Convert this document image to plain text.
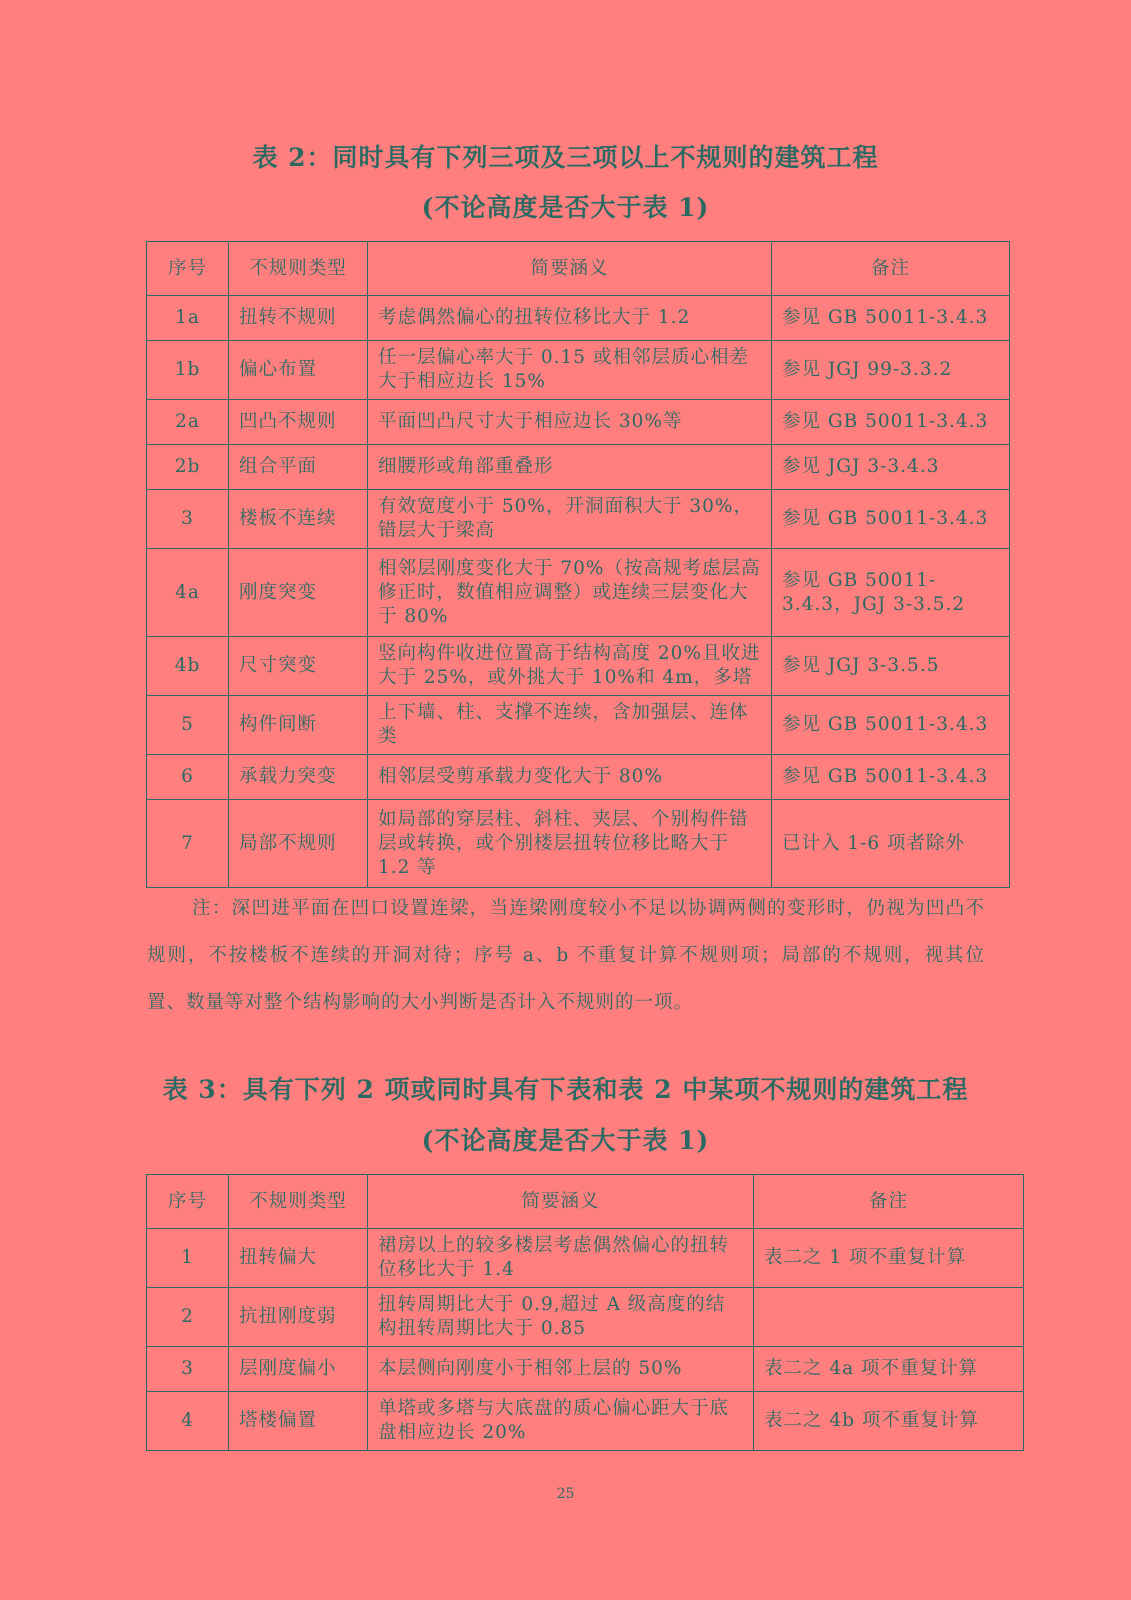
表 2：同时具有下列三项及三项以上不规则的建筑工程
(不论高度是否大于表 1)
序号	不规则类型	简要涵义	备注
1a	扭转不规则	考虑偶然偏心的扭转位移比大于 1.2	参见 GB 50011-3.4.3
1b	偏心布置	任一层偏心率大于 0.15 或相邻层质心相差大于相应边长 15%	参见 JGJ 99-3.3.2
2a	凹凸不规则	平面凹凸尺寸大于相应边长 30%等	参见 GB 50011-3.4.3
2b	组合平面	细腰形或角部重叠形	参见 JGJ 3-3.4.3
3	楼板不连续	有效宽度小于 50%，开洞面积大于 30%，错层大于梁高	参见 GB 50011-3.4.3
4a	刚度突变	相邻层刚度变化大于 70%（按高规考虑层高修正时，数值相应调整）或连续三层变化大于 80%	参见 GB 50011-3.4.3，JGJ 3-3.5.2
4b	尺寸突变	竖向构件收进位置高于结构高度 20%且收进大于 25%，或外挑大于 10%和 4m，多塔	参见 JGJ 3-3.5.5
5	构件间断	上下墙、柱、支撑不连续，含加强层、连体类	参见 GB 50011-3.4.3
6	承载力突变	相邻层受剪承载力变化大于 80%	参见 GB 50011-3.4.3
7	局部不规则	如局部的穿层柱、斜柱、夹层、个别构件错层或转换，或个别楼层扭转位移比略大于 1.2 等	已计入 1-6 项者除外
注：深凹进平面在凹口设置连梁，当连梁刚度较小不足以协调两侧的变形时，仍视为凹凸不规则，不按楼板不连续的开洞对待；序号 a、b 不重复计算不规则项；局部的不规则，视其位置、数量等对整个结构影响的大小判断是否计入不规则的一项。
表 3：具有下列 2 项或同时具有下表和表 2 中某项不规则的建筑工程
(不论高度是否大于表 1)
序号	不规则类型	简要涵义	备注
1	扭转偏大	裙房以上的较多楼层考虑偶然偏心的扭转位移比大于 1.4	表二之 1 项不重复计算
2	抗扭刚度弱	扭转周期比大于 0.9,超过 A 级高度的结构扭转周期比大于 0.85	
3	层刚度偏小	本层侧向刚度小于相邻上层的 50%	表二之 4a 项不重复计算
4	塔楼偏置	单塔或多塔与大底盘的质心偏心距大于底盘相应边长 20%	表二之 4b 项不重复计算
25
